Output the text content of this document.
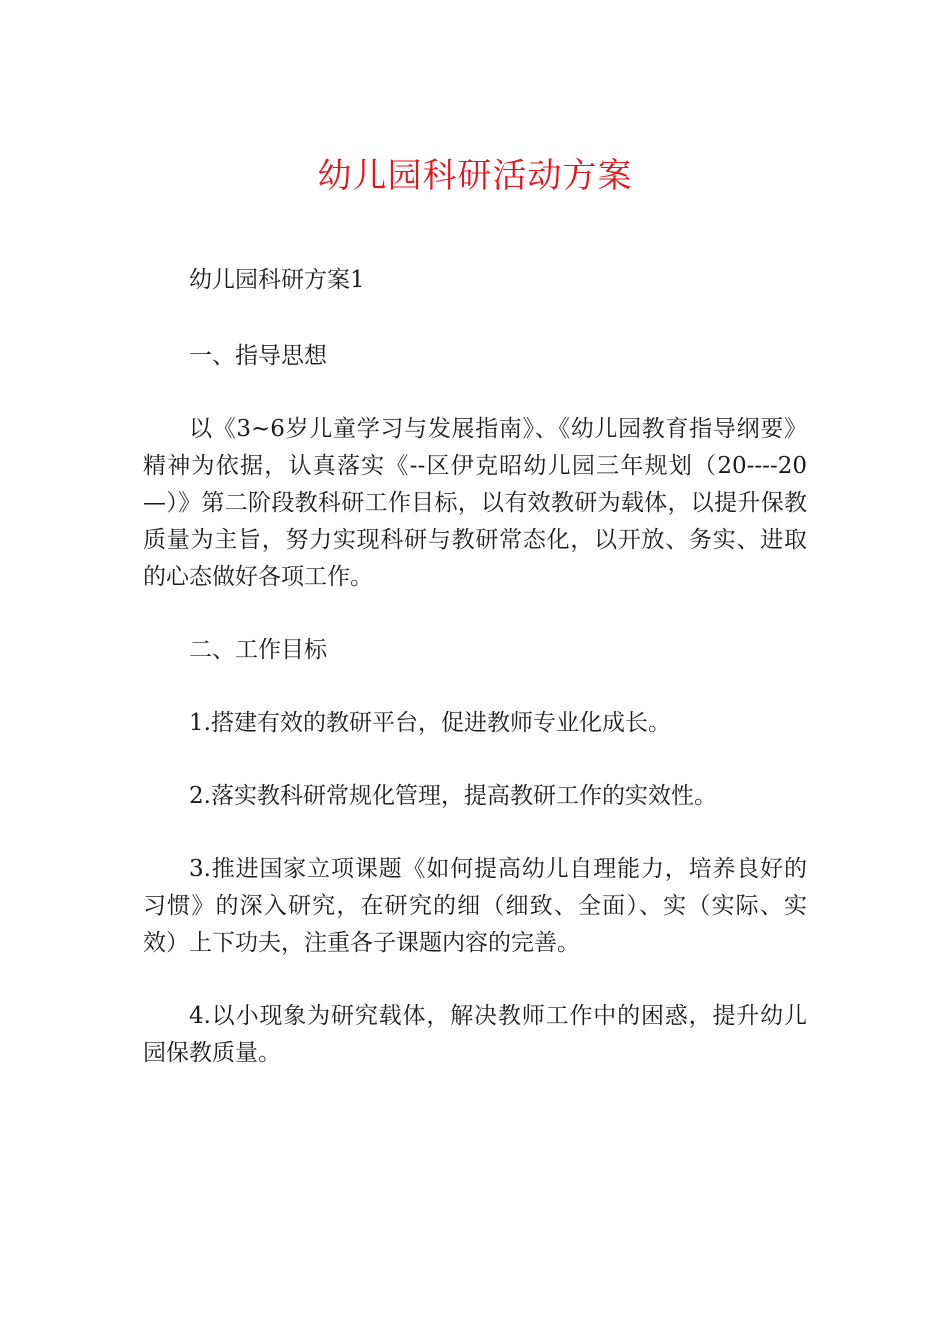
幼儿园科研活动方案

幼儿园科研方案1

一、指导思想

以《3~6岁儿童学习与发展指南》、《幼儿园教育指导纲要》精神为依据，认真落实《--区伊克昭幼儿园三年规划（20----20—）》第二阶段教科研工作目标，以有效教研为载体，以提升保教质量为主旨，努力实现科研与教研常态化，以开放、务实、进取的心态做好各项工作。

二、工作目标

1.搭建有效的教研平台，促进教师专业化成长。

2.落实教科研常规化管理，提高教研工作的实效性。

3.推进国家立项课题《如何提高幼儿自理能力，培养良好的习惯》的深入研究，在研究的细（细致、全面）、实（实际、实效）上下功夫，注重各子课题内容的完善。

4.以小现象为研究载体，解决教师工作中的困惑，提升幼儿园保教质量。
